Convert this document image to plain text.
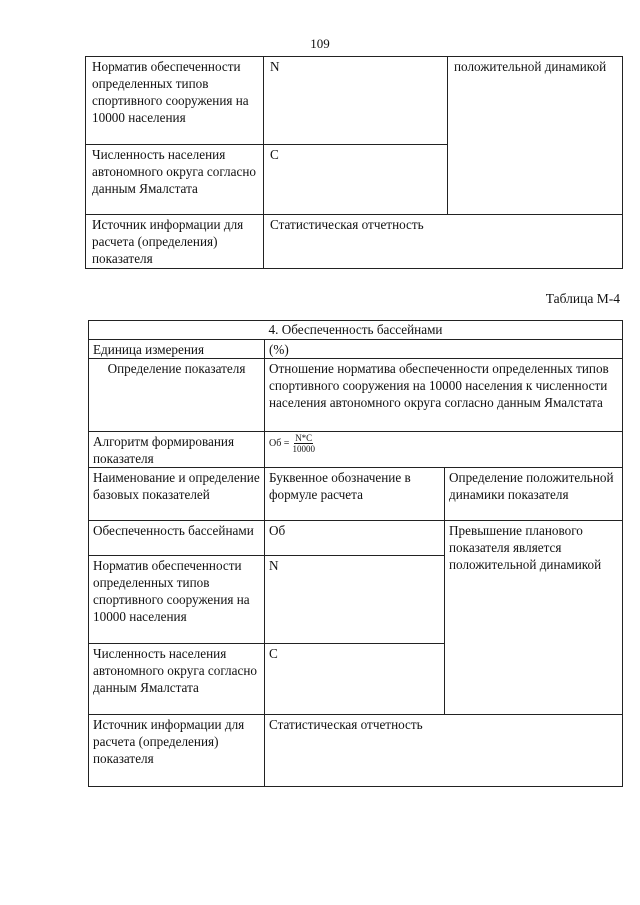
109
Норматив обеспеченности определенных типов спортивного сооружения на 10000 населения	N	положительной динамикой
Численность населения автономного округа согласно данным Ямалстата	С	
Источник информации для расчета (определения) показателя	Статистическая отчетность	
Таблица М-4
4. Обеспеченность бассейнами		
Единица измерения	(%)	
Определение показателя	Отношение норматива обеспеченности определенных типов спортивного сооружения на 10000 населения к численности населения автономного округа согласно данным Ямалстата	
Алгоритм формирования показателя	Об = $\frac{N*C}{10000}$

Наименование и определение базовых показателей	Буквенное обозначение в формуле расчета	Определение положительной динамики показателя
Обеспеченность бассейнами	Об	Превышение планового показателя является положительной динамикой
Норматив обеспеченности определенных типов спортивного сооружения на 10000 населения	N	
Численность населения автономного округа согласно данным Ямалстата	С	
Источник информации для расчета (определения) показателя	Статистическая отчетность	
